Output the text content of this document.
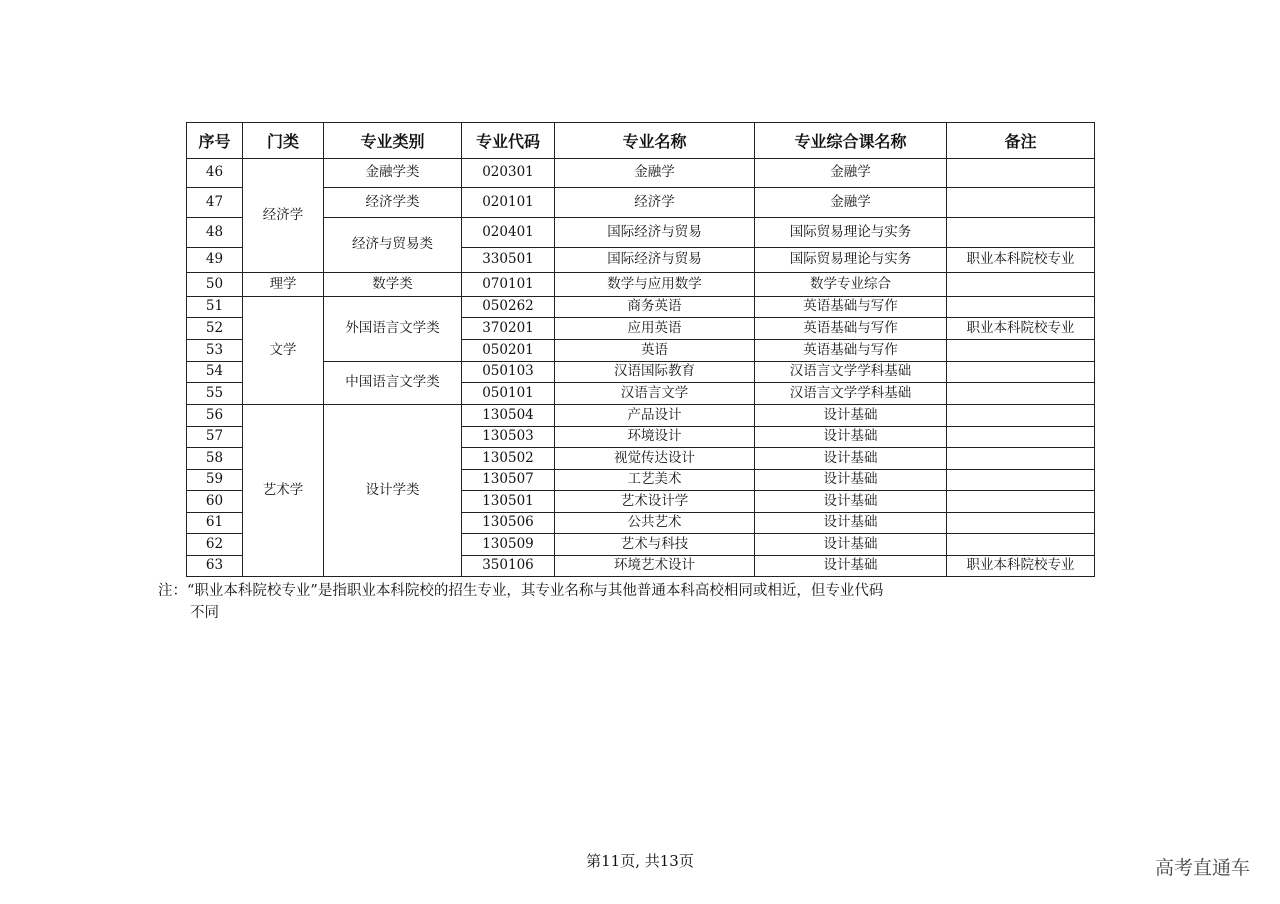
序号	门类	专业类别	专业代码	专业名称	专业综合课名称	备注
46	经济学	金融学类	020301	金融学	金融学	
47		经济学类	020101	经济学	金融学	
48		经济与贸易类	020401	国际经济与贸易	国际贸易理论与实务	
49			330501	国际经济与贸易	国际贸易理论与实务	职业本科院校专业
50	理学	数学类	070101	数学与应用数学	数学专业综合	
51	文学	外国语言文学类	050262	商务英语	英语基础与写作	
52			370201	应用英语	英语基础与写作	职业本科院校专业
53			050201	英语	英语基础与写作	
54		中国语言文学类	050103	汉语国际教育	汉语言文学学科基础	
55			050101	汉语言文学	汉语言文学学科基础	
56	艺术学	设计学类	130504	产品设计	设计基础	
57			130503	环境设计	设计基础	
58			130502	视觉传达设计	设计基础	
59			130507	工艺美术	设计基础	
60			130501	艺术设计学	设计基础	
61			130506	公共艺术	设计基础	
62			130509	艺术与科技	设计基础	
63			350106	环境艺术设计	设计基础	职业本科院校专业
注：“职业本科院校专业”是指职业本科院校的招生专业，其专业名称与其他普通本科高校相同或相近，但专业代码
不同
第11页, 共13页	高考直通车
